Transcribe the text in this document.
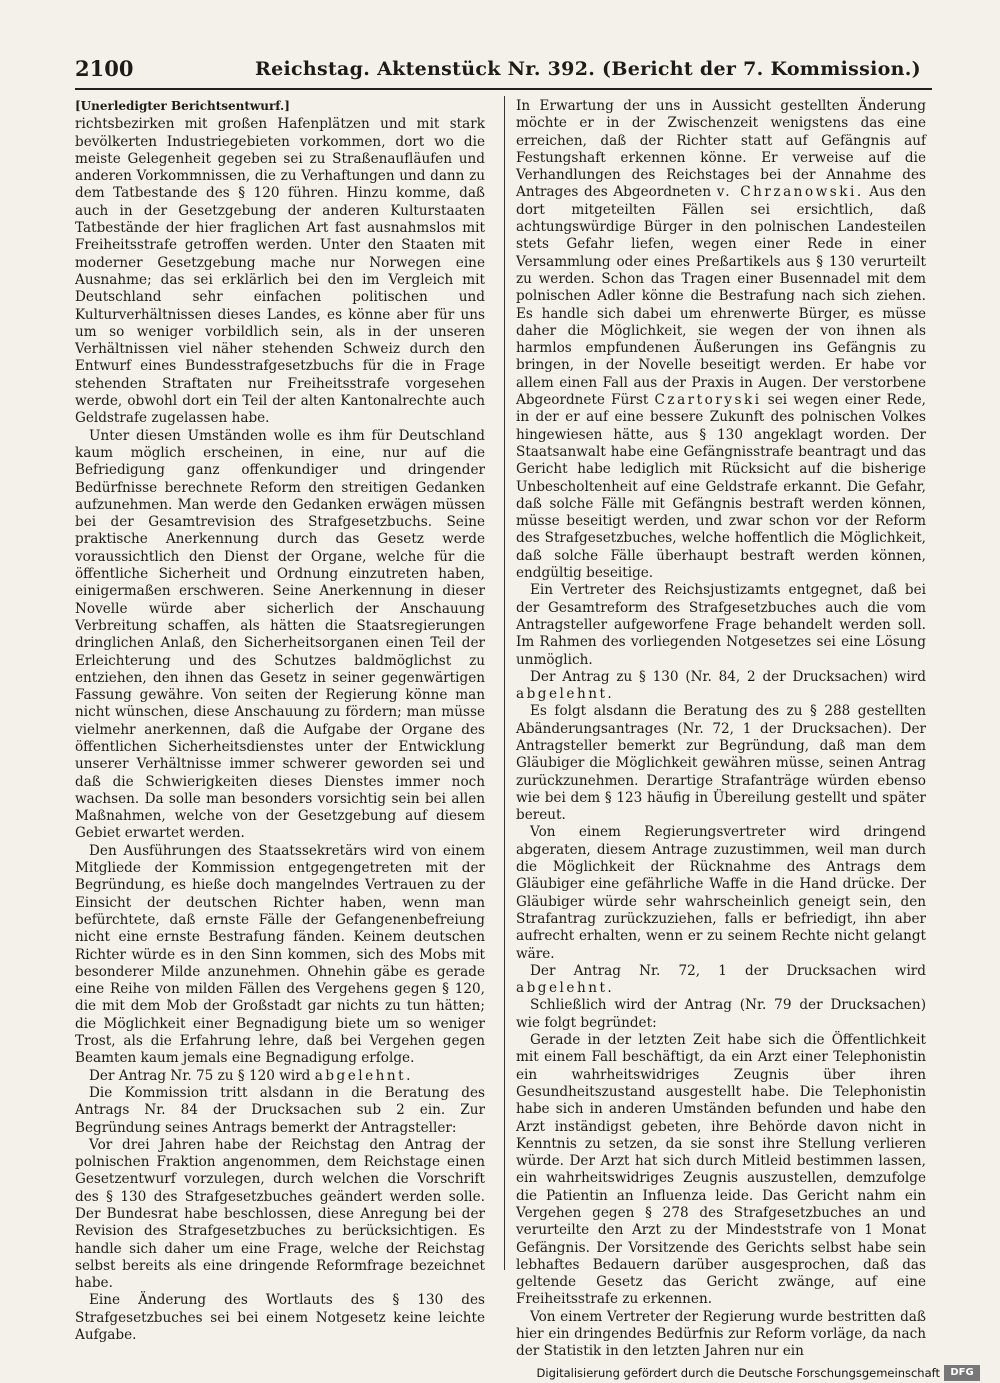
2100	Reichstag. Aktenstück Nr. 392. (Bericht der 7. Kommission.)
[Unerledigter Berichtsentwurf.]

richtsbezirken mit großen Hafenplätzen und mit stark bevölkerten Industriegebieten vorkommen, dort wo die meiste Gelegenheit gegeben sei zu Straßenaufläufen und anderen Vorkommnissen, die zu Verhaftungen und dann zu dem Tatbestande des § 120 führen. Hinzu komme, daß auch in der Gesetzgebung der anderen Kulturstaaten Tatbestände der hier fraglichen Art fast ausnahmslos mit Freiheitsstrafe getroffen werden. Unter den Staaten mit moderner Gesetzgebung mache nur Norwegen eine Ausnahme; das sei erklärlich bei den im Vergleich mit Deutschland sehr einfachen politischen und Kulturverhältnissen dieses Landes, es könne aber für uns um so weniger vorbildlich sein, als in der unseren Verhältnissen viel näher stehenden Schweiz durch den Entwurf eines Bundesstrafgesetzbuchs für die in Frage stehenden Straftaten nur Freiheitsstrafe vorgesehen werde, obwohl dort ein Teil der alten Kantonalrechte auch Geldstrafe zugelassen habe.

Unter diesen Umständen wolle es ihm für Deutschland kaum möglich erscheinen, in eine, nur auf die Befriedigung ganz offenkundiger und dringender Bedürfnisse berechnete Reform den streitigen Gedanken aufzunehmen. Man werde den Gedanken erwägen müssen bei der Gesamtrevision des Strafgesetzbuchs. Seine praktische Anerkennung durch das Gesetz werde voraussichtlich den Dienst der Organe, welche für die öffentliche Sicherheit und Ordnung einzutreten haben, einigermaßen erschweren. Seine Anerkennung in dieser Novelle würde aber sicherlich der Anschauung Verbreitung schaffen, als hätten die Staatsregierungen dringlichen Anlaß, den Sicherheitsorganen einen Teil der Erleichterung und des Schutzes baldmöglichst zu entziehen, den ihnen das Gesetz in seiner gegenwärtigen Fassung gewähre. Von seiten der Regierung könne man nicht wünschen, diese Anschauung zu fördern; man müsse vielmehr anerkennen, daß die Aufgabe der Organe des öffentlichen Sicherheitsdienstes unter der Entwicklung unserer Verhältnisse immer schwerer geworden sei und daß die Schwierigkeiten dieses Dienstes immer noch wachsen. Da solle man besonders vorsichtig sein bei allen Maßnahmen, welche von der Gesetzgebung auf diesem Gebiet erwartet werden.

Den Ausführungen des Staatssekretärs wird von einem Mitgliede der Kommission entgegengetreten mit der Begründung, es hieße doch mangelndes Vertrauen zu der Einsicht der deutschen Richter haben, wenn man befürchtete, daß ernste Fälle der Gefangenenbefreiung nicht eine ernste Bestrafung fänden. Keinem deutschen Richter würde es in den Sinn kommen, sich des Mobs mit besonderer Milde anzunehmen. Ohnehin gäbe es gerade eine Reihe von milden Fällen des Vergehens gegen § 120, die mit dem Mob der Großstadt gar nichts zu tun hätten; die Möglichkeit einer Begnadigung biete um so weniger Trost, als die Erfahrung lehre, daß bei Vergehen gegen Beamten kaum jemals eine Begnadigung erfolge.

Der Antrag Nr. 75 zu § 120 wird abgelehnt.

Die Kommission tritt alsdann in die Beratung des Antrags Nr. 84 der Drucksachen sub 2 ein. Zur Begründung seines Antrags bemerkt der Antragsteller:

Vor drei Jahren habe der Reichstag den Antrag der polnischen Fraktion angenommen, dem Reichstage einen Gesetzentwurf vorzulegen, durch welchen die Vorschrift des § 130 des Strafgesetzbuches geändert werden solle. Der Bundesrat habe beschlossen, diese Anregung bei der Revision des Strafgesetzbuches zu berücksichtigen. Es handle sich daher um eine Frage, welche der Reichstag selbst bereits als eine dringende Reformfrage bezeichnet habe.

Eine Änderung des Wortlauts des § 130 des Strafgesetzbuches sei bei einem Notgesetz keine leichte Aufgabe.

In Erwartung der uns in Aussicht gestellten Änderung möchte er in der Zwischenzeit wenigstens das eine erreichen, daß der Richter statt auf Gefängnis auf Festungshaft erkennen könne. Er verweise auf die Verhandlungen des Reichstages bei der Annahme des Antrages des Abgeordneten v. Chrzanowski. Aus den dort mitgeteilten Fällen sei ersichtlich, daß achtungswürdige Bürger in den polnischen Landesteilen stets Gefahr liefen, wegen einer Rede in einer Versammlung oder eines Preßartikels aus § 130 verurteilt zu werden. Schon das Tragen einer Busennadel mit dem polnischen Adler könne die Bestrafung nach sich ziehen. Es handle sich dabei um ehrenwerte Bürger, es müsse daher die Möglichkeit, sie wegen der von ihnen als harmlos empfundenen Äußerungen ins Gefängnis zu bringen, in der Novelle beseitigt werden. Er habe vor allem einen Fall aus der Praxis in Augen. Der verstorbene Abgeordnete Fürst Czartoryski sei wegen einer Rede, in der er auf eine bessere Zukunft des polnischen Volkes hingewiesen hätte, aus § 130 angeklagt worden. Der Staatsanwalt habe eine Gefängnisstrafe beantragt und das Gericht habe lediglich mit Rücksicht auf die bisherige Unbescholtenheit auf eine Geldstrafe erkannt. Die Gefahr, daß solche Fälle mit Gefängnis bestraft werden können, müsse beseitigt werden, und zwar schon vor der Reform des Strafgesetzbuches, welche hoffentlich die Möglichkeit, daß solche Fälle überhaupt bestraft werden können, endgültig beseitige.

Ein Vertreter des Reichsjustizamts entgegnet, daß bei der Gesamtreform des Strafgesetzbuches auch die vom Antragsteller aufgeworfene Frage behandelt werden soll. Im Rahmen des vorliegenden Notgesetzes sei eine Lösung unmöglich.

Der Antrag zu § 130 (Nr. 84, 2 der Drucksachen) wird abgelehnt.

Es folgt alsdann die Beratung des zu § 288 gestellten Abänderungsantrages (Nr. 72, 1 der Drucksachen). Der Antragsteller bemerkt zur Begründung, daß man dem Gläubiger die Möglichkeit gewähren müsse, seinen Antrag zurückzunehmen. Derartige Strafanträge würden ebenso wie bei dem § 123 häufig in Übereilung gestellt und später bereut.

Von einem Regierungsvertreter wird dringend abgeraten, diesem Antrage zuzustimmen, weil man durch die Möglichkeit der Rücknahme des Antrags dem Gläubiger eine gefährliche Waffe in die Hand drücke. Der Gläubiger würde sehr wahrscheinlich geneigt sein, den Strafantrag zurückzuziehen, falls er befriedigt, ihn aber aufrecht erhalten, wenn er zu seinem Rechte nicht gelangt wäre.

Der Antrag Nr. 72, 1 der Drucksachen wird abgelehnt.

Schließlich wird der Antrag (Nr. 79 der Drucksachen) wie folgt begründet:

Gerade in der letzten Zeit habe sich die Öffentlichkeit mit einem Fall beschäftigt, da ein Arzt einer Telephonistin ein wahrheitswidriges Zeugnis über ihren Gesundheitszustand ausgestellt habe. Die Telephonistin habe sich in anderen Umständen befunden und habe den Arzt inständigst gebeten, ihre Behörde davon nicht in Kenntnis zu setzen, da sie sonst ihre Stellung verlieren würde. Der Arzt hat sich durch Mitleid bestimmen lassen, ein wahrheitswidriges Zeugnis auszustellen, demzufolge die Patientin an Influenza leide. Das Gericht nahm ein Vergehen gegen § 278 des Strafgesetzbuches an und verurteilte den Arzt zu der Mindeststrafe von 1 Monat Gefängnis. Der Vorsitzende des Gerichts selbst habe sein lebhaftes Bedauern darüber ausgesprochen, daß das geltende Gesetz das Gericht zwänge, auf eine Freiheitsstrafe zu erkennen.

Von einem Vertreter der Regierung wurde bestritten daß hier ein dringendes Bedürfnis zur Reform vorläge, da nach der Statistik in den letzten Jahren nur ein

Digitalisierung gefördert durch die Deutsche Forschungsgemeinschaft	DFG
